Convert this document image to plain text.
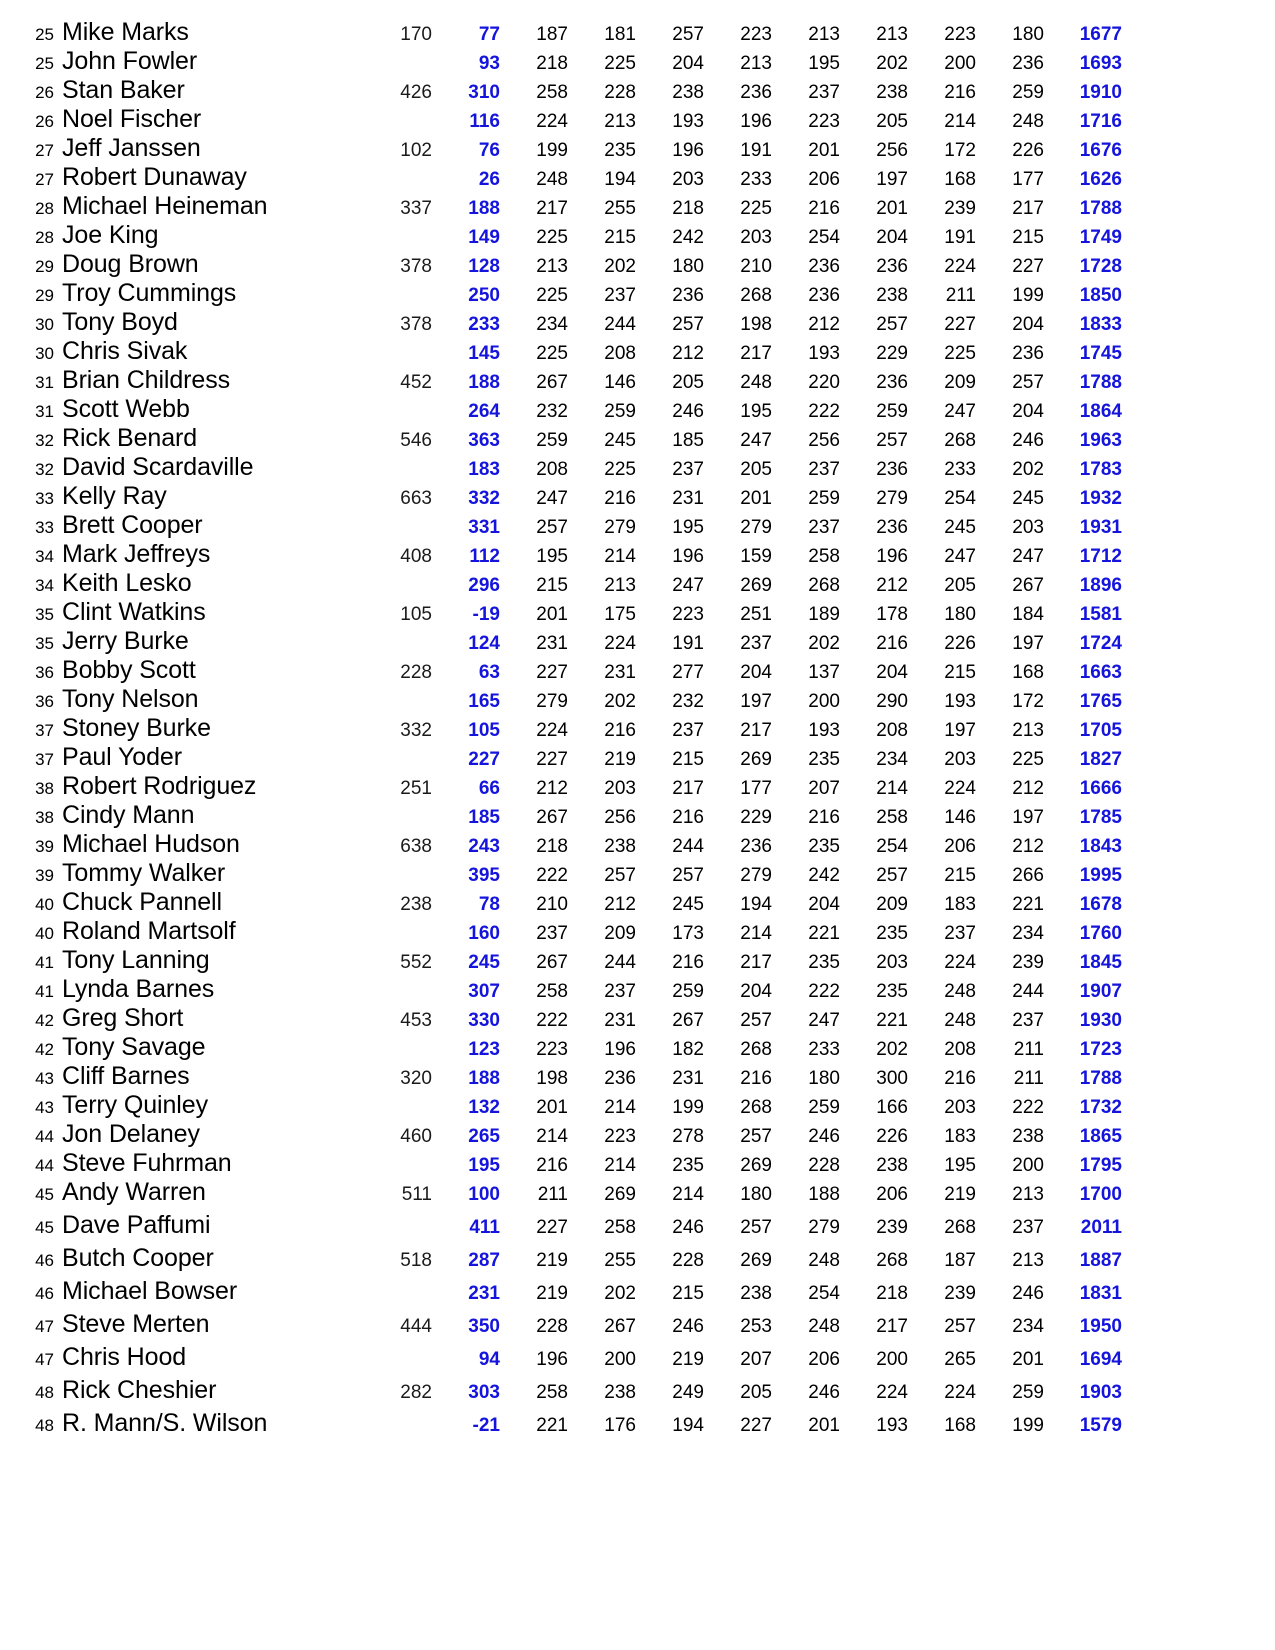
25	Mike Marks	170	77	187	181	257	223	213	213	223	180	1677
25	John Fowler		93	218	225	204	213	195	202	200	236	1693
26	Stan Baker	426	310	258	228	238	236	237	238	216	259	1910
26	Noel Fischer		116	224	213	193	196	223	205	214	248	1716
27	Jeff Janssen	102	76	199	235	196	191	201	256	172	226	1676
27	Robert Dunaway		26	248	194	203	233	206	197	168	177	1626
28	Michael Heineman	337	188	217	255	218	225	216	201	239	217	1788
28	Joe King		149	225	215	242	203	254	204	191	215	1749
29	Doug Brown	378	128	213	202	180	210	236	236	224	227	1728
29	Troy Cummings		250	225	237	236	268	236	238	211	199	1850
30	Tony Boyd	378	233	234	244	257	198	212	257	227	204	1833
30	Chris Sivak		145	225	208	212	217	193	229	225	236	1745
31	Brian Childress	452	188	267	146	205	248	220	236	209	257	1788
31	Scott Webb		264	232	259	246	195	222	259	247	204	1864
32	Rick Benard	546	363	259	245	185	247	256	257	268	246	1963
32	David Scardaville		183	208	225	237	205	237	236	233	202	1783
33	Kelly Ray	663	332	247	216	231	201	259	279	254	245	1932
33	Brett Cooper		331	257	279	195	279	237	236	245	203	1931
34	Mark Jeffreys	408	112	195	214	196	159	258	196	247	247	1712
34	Keith Lesko		296	215	213	247	269	268	212	205	267	1896
35	Clint Watkins	105	-19	201	175	223	251	189	178	180	184	1581
35	Jerry Burke		124	231	224	191	237	202	216	226	197	1724
36	Bobby Scott	228	63	227	231	277	204	137	204	215	168	1663
36	Tony Nelson		165	279	202	232	197	200	290	193	172	1765
37	Stoney Burke	332	105	224	216	237	217	193	208	197	213	1705
37	Paul Yoder		227	227	219	215	269	235	234	203	225	1827
38	Robert Rodriguez	251	66	212	203	217	177	207	214	224	212	1666
38	Cindy Mann		185	267	256	216	229	216	258	146	197	1785
39	Michael Hudson	638	243	218	238	244	236	235	254	206	212	1843
39	Tommy Walker		395	222	257	257	279	242	257	215	266	1995
40	Chuck Pannell	238	78	210	212	245	194	204	209	183	221	1678
40	Roland Martsolf		160	237	209	173	214	221	235	237	234	1760
41	Tony Lanning	552	245	267	244	216	217	235	203	224	239	1845
41	Lynda Barnes		307	258	237	259	204	222	235	248	244	1907
42	Greg Short	453	330	222	231	267	257	247	221	248	237	1930
42	Tony Savage		123	223	196	182	268	233	202	208	211	1723
43	Cliff Barnes	320	188	198	236	231	216	180	300	216	211	1788
43	Terry Quinley		132	201	214	199	268	259	166	203	222	1732
44	Jon Delaney	460	265	214	223	278	257	246	226	183	238	1865
44	Steve Fuhrman		195	216	214	235	269	228	238	195	200	1795
45	Andy Warren	511	100	211	269	214	180	188	206	219	213	1700
45	Dave Paffumi		411	227	258	246	257	279	239	268	237	2011
46	Butch Cooper	518	287	219	255	228	269	248	268	187	213	1887
46	Michael Bowser		231	219	202	215	238	254	218	239	246	1831
47	Steve Merten	444	350	228	267	246	253	248	217	257	234	1950
47	Chris Hood		94	196	200	219	207	206	200	265	201	1694
48	Rick Cheshier	282	303	258	238	249	205	246	224	224	259	1903
48	R. Mann/S. Wilson		-21	221	176	194	227	201	193	168	199	1579
